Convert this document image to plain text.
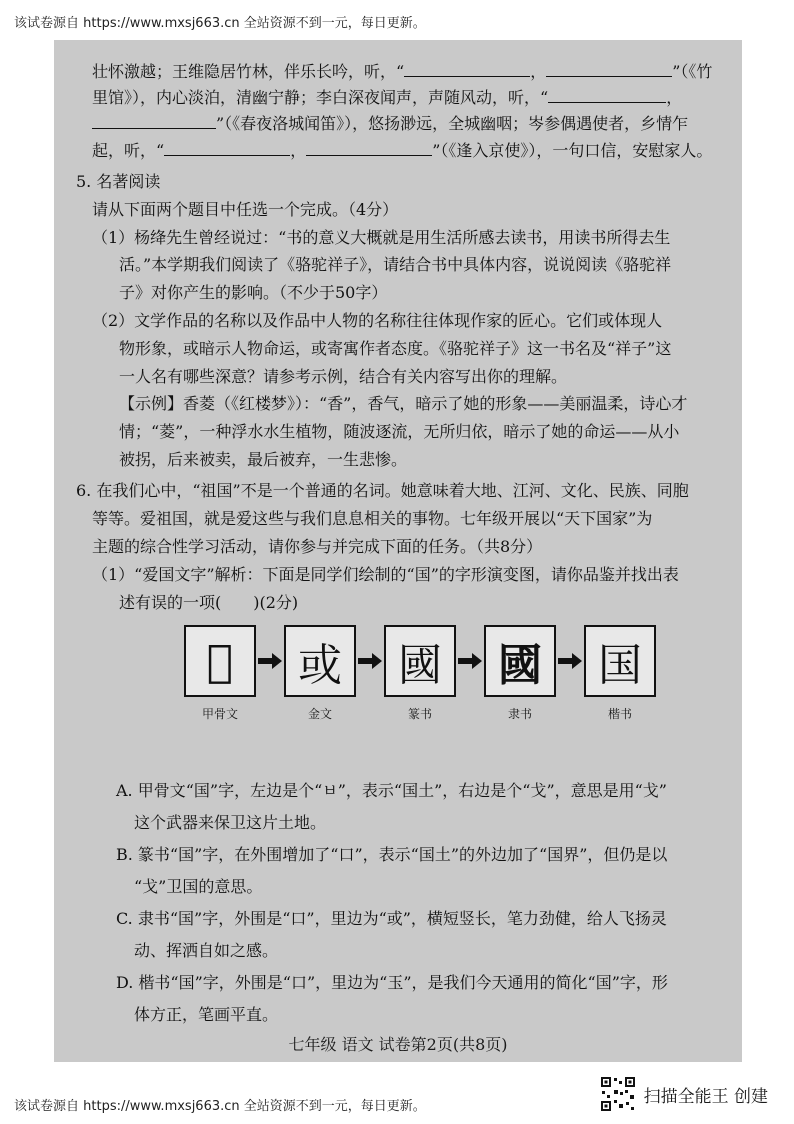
该试卷源自 https://www.mxsj663.cn 全站资源不到一元，每日更新。
壮怀激越；王维隐居竹林，伴乐长吟，听，“	，	”（《竹
里馆》），内心淡泊，清幽宁静；李白深夜闻声，声随风动，听，“	，
”（《春夜洛城闻笛》），悠扬渺远，全城幽咽；岑参偶遇使者，乡情乍
起，听，“	，	”（《逢入京使》），一句口信，安慰家人。
5. 名著阅读
请从下面两个题目中任选一个完成。（4分）
（1）杨绛先生曾经说过：“书的意义大概就是用生活所感去读书，用读书所得去生
活。”本学期我们阅读了《骆驼祥子》，请结合书中具体内容，说说阅读《骆驼祥
子》对你产生的影响。（不少于50字）
（2）文学作品的名称以及作品中人物的名称往往体现作家的匠心。它们或体现人
物形象，或暗示人物命运，或寄寓作者态度。《骆驼祥子》这一书名及“祥子”这
一人名有哪些深意？请参考示例，结合有关内容写出你的理解。
【示例】香菱（《红楼梦》）：“香”，香气，暗示了她的形象——美丽温柔，诗心才
情；“菱”，一种浮水水生植物，随波逐流，无所归依，暗示了她的命运——从小
被拐，后来被卖，最后被弃，一生悲惨。
6. 在我们心中，“祖国”不是一个普通的名词。她意味着大地、江河、文化、民族、同胞
等等。爱祖国，就是爱这些与我们息息相关的事物。七年级开展以“天下国家”为
主题的综合性学习活动，请你参与并完成下面的任务。（共8分）
（1）“爱国文字”解析：下面是同学们绘制的“国”的字形演变图，请你品鉴并找出表
述有误的一项(　　)(2分)
𰃠
甲骨文
或
金文
國
篆书
國
隶书
国
楷书
A. 甲骨文“国”字，左边是个“ㅂ”，表示“国土”，右边是个“戈”，意思是用“戈”
这个武器来保卫这片土地。
B. 篆书“国”字，在外围增加了“口”，表示“国土”的外边加了“国界”，但仍是以
“戈”卫国的意思。
C. 隶书“国”字，外围是“口”，里边为“或”，横短竖长，笔力劲健，给人飞扬灵
动、挥洒自如之感。
D. 楷书“国”字，外围是“口”，里边为“玉”，是我们今天通用的简化“国”字，形
体方正，笔画平直。
七年级 语文 试卷第2页(共8页)
该试卷源自 https://www.mxsj663.cn 全站资源不到一元，每日更新。	扫描全能王 创建
